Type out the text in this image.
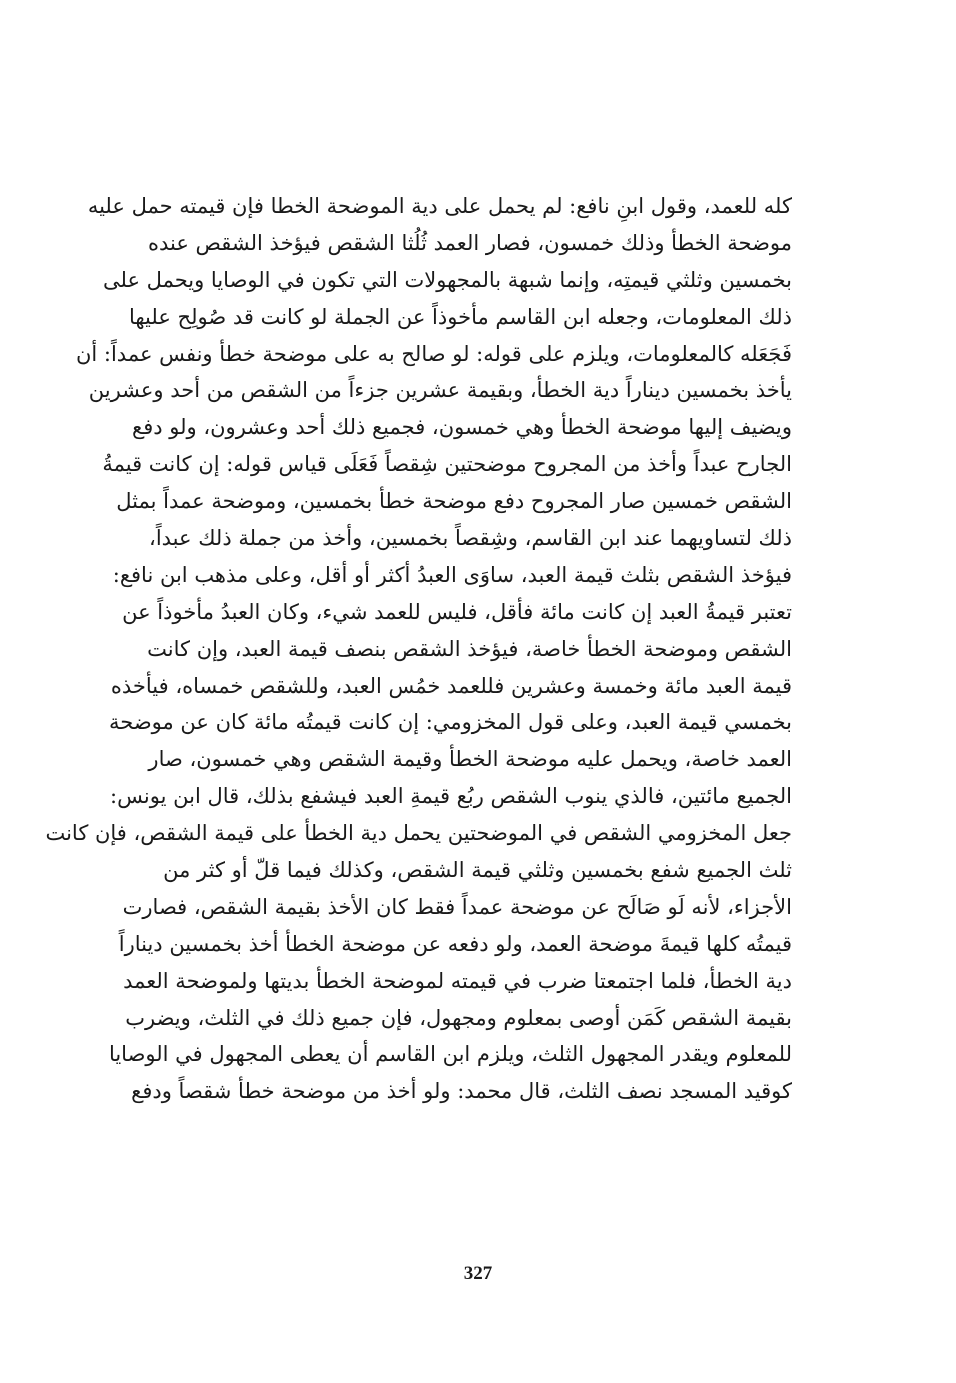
كله للعمد، وقول ابنِ نافع: لم يحمل على دية الموضحة الخطا فإن قيمته حمل عليه
موضحة الخطأ وذلك خمسون، فصار العمد ثُلُثا الشقص فيؤخذ الشقص عنده
بخمسين وثلثي قيمتِه، وإنما شبهة بالمجهولات التي تكون في الوصايا ويحمل على
ذلك المعلومات، وجعله ابن القاسم مأخوذاً عن الجملة لو كانت قد صُولِح عليها
فَجَعَله كالمعلومات، ويلزم على قوله: لو صالح به على موضحة خطأ ونفس عمداً: أن
يأخذ بخمسين ديناراً دية الخطأ، وبقيمة عشرين جزءاً من الشقص من أحد وعشرين
ويضيف إليها موضحة الخطأ وهي خمسون، فجميع ذلك أحد وعشرون، ولو دفع
الجارح عبداً وأخذ من المجروح موضحتين شِقصاً فَعَلَى قياس قوله: إن كانت قيمةُ
الشقص خمسين صار المجروح دفع موضحة خطأ بخمسين، وموضحة عمداً بمثل
ذلك لتساويهما عند ابن القاسم، وشِقصاً بخمسين، وأخذ من جملة ذلك عبداً،
فيؤخذ الشقص بثلث قيمة العبد، ساوَى العبدُ أكثر أو أقل، وعلى مذهب ابن نافع:
تعتبر قيمةُ العبد إن كانت مائة فأقل، فليس للعمد شيء، وكان العبدُ مأخوذاً عن
الشقص وموضحة الخطأ خاصة، فيؤخذ الشقص بنصف قيمة العبد، وإن كانت
قيمة العبد مائة وخمسة وعشرين فللعمد خمُس العبد، وللشقص خمساه، فيأخذه
بخمسي قيمة العبد، وعلى قول المخزومي: إن كانت قيمتُه مائة كان عن موضحة
العمد خاصة، ويحمل عليه موضحة الخطأ وقيمة الشقص وهي خمسون، صار
الجميع مائتين، فالذي ينوب الشقص ربُع قيمةِ العبد فيشفع بذلك، قال ابن يونس:
جعل المخزومي الشقص في الموضحتين يحمل دية الخطأ على قيمة الشقص، فإن كانت
ثلث الجميع شفع بخمسين وثلثي قيمة الشقص، وكذلك فيما قلّ أو كثر من
الأجزاء، لأنه لَو صَالَح عن موضحة عمداً فقط كان الأخذ بقيمة الشقص، فصارت
قيمتُه كلها قيمةَ موضحة العمد، ولو دفعه عن موضحة الخطأ أخذ بخمسين ديناراً
دية الخطأ، فلما اجتمعتا ضرب في قيمته لموضحة الخطأ بديتها ولموضحة العمد
بقيمة الشقص كَمَن أوصى بمعلوم ومجهول، فإن جميع ذلك في الثلث، ويضرب
للمعلوم ويقدر المجهول الثلث، ويلزم ابن القاسم أن يعطى المجهول في الوصايا
كوقيد المسجد نصف الثلث، قال محمد: ولو أخذ من موضحة خطأ شقصاً ودفع
327
